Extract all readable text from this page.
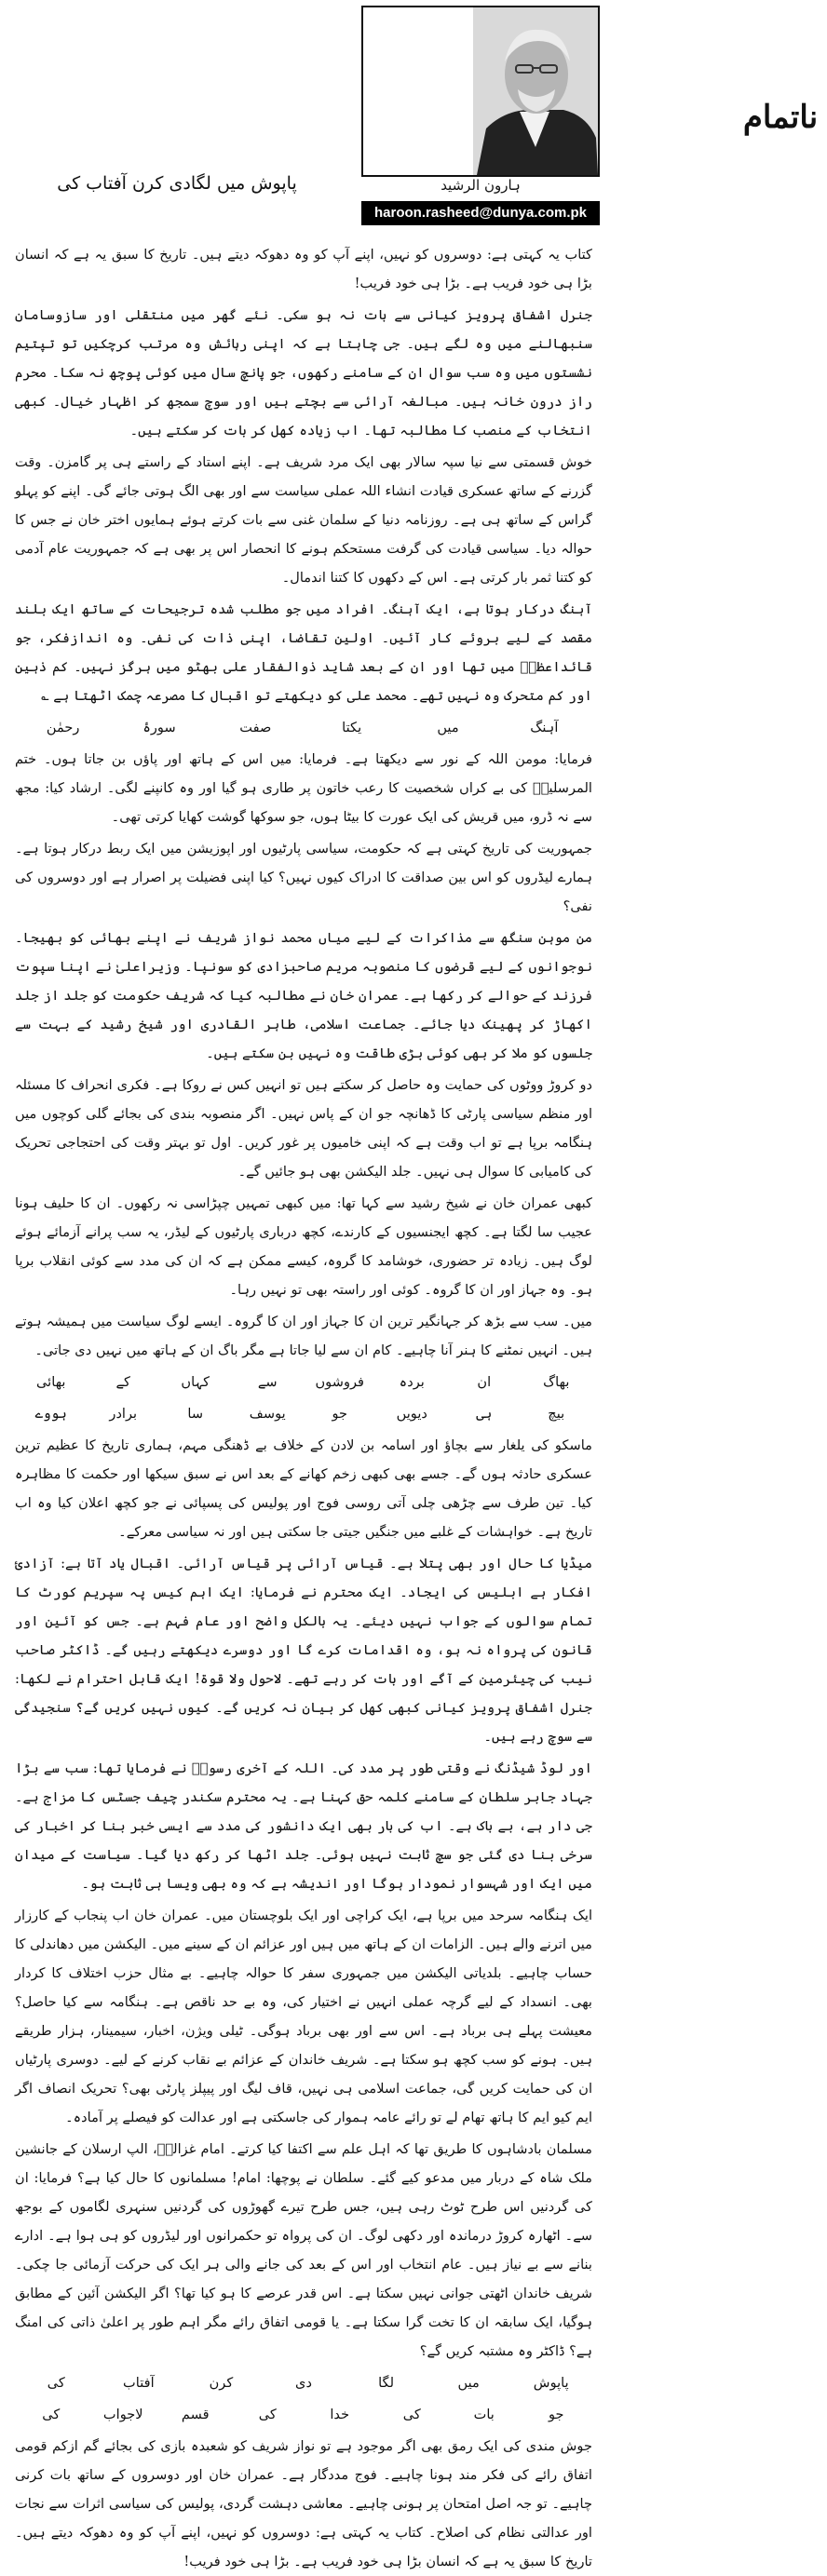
پاپوش میں لگادی کرن آفتاب کی
ناتمام
ہارون الرشید
haroon.rasheed@dunya.com.pk

کتاب یہ کہتی ہے: دوسروں کو نہیں، اپنے آپ کو وہ دھوکہ دیتے ہیں۔ تاریخ کا سبق یہ ہے کہ انسان بڑا ہی خود فریب ہے۔ بڑا ہی خود فریب!

جنرل اشفاق پرویز کیانی سے بات نہ ہو سکی۔ نئے گھر میں منتقلی اور سازوسامان سنبھالنے میں وہ لگے ہیں۔ جی چاہتا ہے کہ اپنی رہائش وہ مرتب کرچکیں تو تپتیم نشستوں میں وہ سب سوال ان کے سامنے رکھوں، جو پانچ سال میں کوئی پوچھ نہ سکا۔ محرم راز درون خانہ ہیں۔ مبالغہ آرائی سے بچتے ہیں اور سوچ سمجھ کر اظہار خیال۔ کبھی انتخاب کے منصب کا مطالبہ تھا۔ اب زیادہ کھل کر بات کر سکتے ہیں۔

خوش قسمتی سے نیا سپہ سالار بھی ایک مرد شریف ہے۔ اپنے استاد کے راستے ہی پر گامزن۔ وقت گزرنے کے ساتھ عسکری قیادت انشاء اللہ عملی سیاست سے اور بھی الگ ہوتی جائے گی۔ اپنے کو پہلو گراس کے ساتھ ہی ہے۔ روزنامہ دنیا کے سلمان غنی سے بات کرتے ہوئے ہمایوں اختر خان نے جس کا حوالہ دیا۔ سیاسی قیادت کی گرفت مستحکم ہونے کا انحصار اس پر بھی ہے کہ جمہوریت عام آدمی کو کتنا ثمر بار کرتی ہے۔ اس کے دکھوں کا کتنا اندمال۔

آہنگ درکار ہوتا ہے، ایک آہنگ۔ افراد میں جو مطلب شدہ ترجیحات کے ساتھ ایک بلند مقصد کے لیے بروئے کار آئیں۔ اولین تقاضا، اپنی ذات کی نفی۔ وہ اندازفکر، جو قائداعظمؒ میں تھا اور ان کے بعد شاید ذوالفقار علی بھٹو میں ہرگز نہیں۔ کم ذہین اور کم متحرک وہ نہیں تھے۔ محمد علی کو دیکھتے تو اقبال کا مصرعہ چمک اٹھتا ہے ؎

آہنگ
میں
یکتا
صفت
سورۂ
رحمٰن

فرمایا: مومن اللہ کے نور سے دیکھتا ہے۔ فرمایا: میں اس کے ہاتھ اور پاؤں بن جاتا ہوں۔ ختم المرسلینؐ کی بے کراں شخصیت کا رعب خاتون پر طاری ہو گیا اور وہ کانپنے لگی۔ ارشاد کیا: مجھ سے نہ ڈرو، میں قریش کی ایک عورت کا بیٹا ہوں، جو سوکھا گوشت کھایا کرتی تھی۔

جمہوریت کی تاریخ کہتی ہے کہ حکومت، سیاسی پارٹیوں اور اپوزیشن میں ایک ربط درکار ہوتا ہے۔ ہمارے لیڈروں کو اس بین صداقت کا ادراک کیوں نہیں؟ کیا اپنی فضیلت پر اصرار ہے اور دوسروں کی نفی؟

من موہن سنگھ سے مذاکرات کے لیے میاں محمد نواز شریف نے اپنے بھائی کو بھیجا۔ نوجوانوں کے لیے قرضوں کا منصوبہ مریم صاحبزادی کو سونپا۔ وزیراعلیٰ نے اپنا سپوت فرزند کے حوالے کر رکھا ہے۔ عمران خان نے مطالبہ کیا کہ شریف حکومت کو جلد از جلد اکھاڑ کر پھینک دیا جائے۔ جماعت اسلامی، طاہر القادری اور شیخ رشید کے بہت سے جلسوں کو ملا کر بھی کوئی بڑی طاقت وہ نہیں بن سکتے ہیں۔

دو کروڑ ووٹوں کی حمایت وہ حاصل کر سکتے ہیں تو انہیں کس نے روکا ہے۔ فکری انحراف کا مسئلہ اور منظم سیاسی پارٹی کا ڈھانچہ جو ان کے پاس نہیں۔ اگر منصوبہ بندی کی بجائے گلی کوچوں میں ہنگامہ برپا ہے تو اب وقت ہے کہ اپنی خامیوں پر غور کریں۔ اول تو بہتر وقت کی احتجاجی تحریک کی کامیابی کا سوال ہی نہیں۔ جلد الیکشن بھی ہو جائیں گے۔

کبھی عمران خان نے شیخ رشید سے کہا تھا: میں کبھی تمہیں چپڑاسی نہ رکھوں۔ ان کا حلیف ہونا عجیب سا لگتا ہے۔ کچھ ایجنسیوں کے کارندے، کچھ درباری پارٹیوں کے لیڈر، یہ سب پرانے آزمائے ہوئے لوگ ہیں۔ زیادہ تر حضوری، خوشامد کا گروہ، کیسے ممکن ہے کہ ان کی مدد سے کوئی انقلاب برپا ہو۔ وہ جہاز اور ان کا گروہ۔ کوئی اور راستہ بھی تو نہیں رہا۔

میں۔ سب سے بڑھ کر جہانگیر ترین ان کا جہاز اور ان کا گروہ۔ ایسے لوگ سیاست میں ہمیشہ ہوتے ہیں۔ انہیں نمٹنے کا ہنر آنا چاہیے۔ کام ان سے لیا جاتا ہے مگر باگ ان کے ہاتھ میں نہیں دی جاتی۔

بھاگ
ان
بردہ
فروشوں
سے
کہاں
کے
بھائی
بیچ
ہی
دیویں
جو
یوسف
سا
برادر
ہووے

ماسکو کی یلغار سے بچاؤ اور اسامہ بن لادن کے خلاف بے ڈھنگی مہم، ہماری تاریخ کا عظیم ترین عسکری حادثہ ہوں گے۔ جسے بھی کبھی زخم کھانے کے بعد اس نے سبق سیکھا اور حکمت کا مظاہرہ کیا۔ تین طرف سے چڑھی چلی آتی روسی فوج اور پولیس کی پسپائی نے جو کچھ اعلان کیا وہ اب تاریخ ہے۔ خواہشات کے غلبے میں جنگیں جیتی جا سکتی ہیں اور نہ سیاسی معرکے۔

میڈیا کا حال اور بھی پتلا ہے۔ قیاس آرائی پر قیاس آرائی۔ اقبال یاد آتا ہے: آزادیٔ افکار ہے ابلیس کی ایجاد۔ ایک محترم نے فرمایا: ایک اہم کیس پہ سپریم کورٹ کا تمام سوالوں کے جواب نہیں دیئے۔ یہ بالکل واضح اور عام فہم ہے۔ جس کو آئین اور قانون کی پرواہ نہ ہو، وہ اقدامات کرے گا اور دوسرے دیکھتے رہیں گے۔ ڈاکٹر صاحب نیب کی چیئرمین کے آگے اور بات کر رہے تھے۔ لاحول ولا قوۃ! ایک قابل احترام نے لکھا: جنرل اشفاق پرویز کیانی کبھی کھل کر بیان نہ کریں گے۔ کیوں نہیں کریں گے؟ سنجیدگی سے سوچ رہے ہیں۔

اور لوڈ شیڈنگ نے وقتی طور پر مدد کی۔ اللہ کے آخری رسولؐ نے فرمایا تھا: سب سے بڑا جہاد جابر سلطان کے سامنے کلمہ حق کہنا ہے۔ یہ محترم سکندر چیف جسٹس کا مزاج ہے۔ جی دار ہے، بے باک ہے۔ اب کی بار بھی ایک دانشور کی مدد سے ایسی خبر بنا کر اخبار کی سرخی بنا دی گئی جو سچ ثابت نہیں ہوئی۔ جلد اٹھا کر رکھ دیا گیا۔ سیاست کے میدان میں ایک اور شہسوار نمودار ہوگا اور اندیشہ ہے کہ وہ بھی ویسا ہی ثابت ہو۔

ایک ہنگامہ سرحد میں برپا ہے، ایک کراچی اور ایک بلوچستان میں۔ عمران خان اب پنجاب کے کارزار میں اترنے والے ہیں۔ الزامات ان کے ہاتھ میں ہیں اور عزائم ان کے سینے میں۔ الیکشن میں دھاندلی کا حساب چاہیے۔ بلدیاتی الیکشن میں جمہوری سفر کا حوالہ چاہیے۔ بے مثال حزب اختلاف کا کردار بھی۔ انسداد کے لیے گرچہ عملی انہیں نے اختیار کی، وہ بے حد ناقص ہے۔ ہنگامہ سے کیا حاصل؟ معیشت پہلے ہی برباد ہے۔ اس سے اور بھی برباد ہوگی۔ ٹیلی ویژن، اخبار، سیمینار، ہزار طریقے ہیں۔ ہونے کو سب کچھ ہو سکتا ہے۔ شریف خاندان کے عزائم بے نقاب کرنے کے لیے۔ دوسری پارٹیاں ان کی حمایت کریں گی، جماعت اسلامی ہی نہیں، قاف لیگ اور پیپلز پارٹی بھی؟ تحریک انصاف اگر ایم کیو ایم کا ہاتھ تھام لے تو رائے عامہ ہموار کی جاسکتی ہے اور عدالت کو فیصلے پر آمادہ۔

مسلمان بادشاہوں کا طریق تھا کہ اہل علم سے اکتفا کیا کرتے۔ امام غزالیؒ، الپ ارسلان کے جانشین ملک شاہ کے دربار میں مدعو کیے گئے۔ سلطان نے پوچھا: امام! مسلمانوں کا حال کیا ہے؟ فرمایا: ان کی گردنیں اس طرح ٹوٹ رہی ہیں، جس طرح تیرے گھوڑوں کی گردنیں سنہری لگاموں کے بوجھ سے۔ اٹھارہ کروڑ درماندہ اور دکھی لوگ۔ ان کی پرواہ تو حکمرانوں اور لیڈروں کو ہی ہوا ہے۔ ادارے بنانے سے بے نیاز ہیں۔ عام انتخاب اور اس کے بعد کی جانے والی ہر ایک کی حرکت آزمائی جا چکی۔ شریف خاندان اٹھتی جوانی نہیں سکتا ہے۔ اس قدر عرصے کا ہو کیا تھا؟ اگر الیکشن آئین کے مطابق ہوگیا، ایک سابقہ ان کا تخت گرا سکتا ہے۔ یا قومی اتفاق رائے مگر اہم طور پر اعلیٰ ذاتی کی امنگ ہے؟ ڈاکٹر وہ مشتبہ کریں گے؟

پاپوش
میں
لگا
دی
کرن
آفتاب
کی
جو
بات
کی
خدا
کی
قسم
لاجواب
کی

جوش مندی کی ایک رمق بھی اگر موجود ہے تو نواز شریف کو شعبدہ بازی کی بجائے گم ازکم قومی اتفاق رائے کی فکر مند ہونا چاہیے۔ فوج مددگار ہے۔ عمران خان اور دوسروں کے ساتھ بات کرنی چاہیے۔ تو جہ اصل امتحان پر ہونی چاہیے۔ معاشی دہشت گردی، پولیس کی سیاسی اثرات سے نجات اور عدالتی نظام کی اصلاح۔ کتاب یہ کہتی ہے: دوسروں کو نہیں، اپنے آپ کو وہ دھوکہ دیتے ہیں۔ تاریخ کا سبق یہ ہے کہ انسان بڑا ہی خود فریب ہے۔ بڑا ہی خود فریب!
